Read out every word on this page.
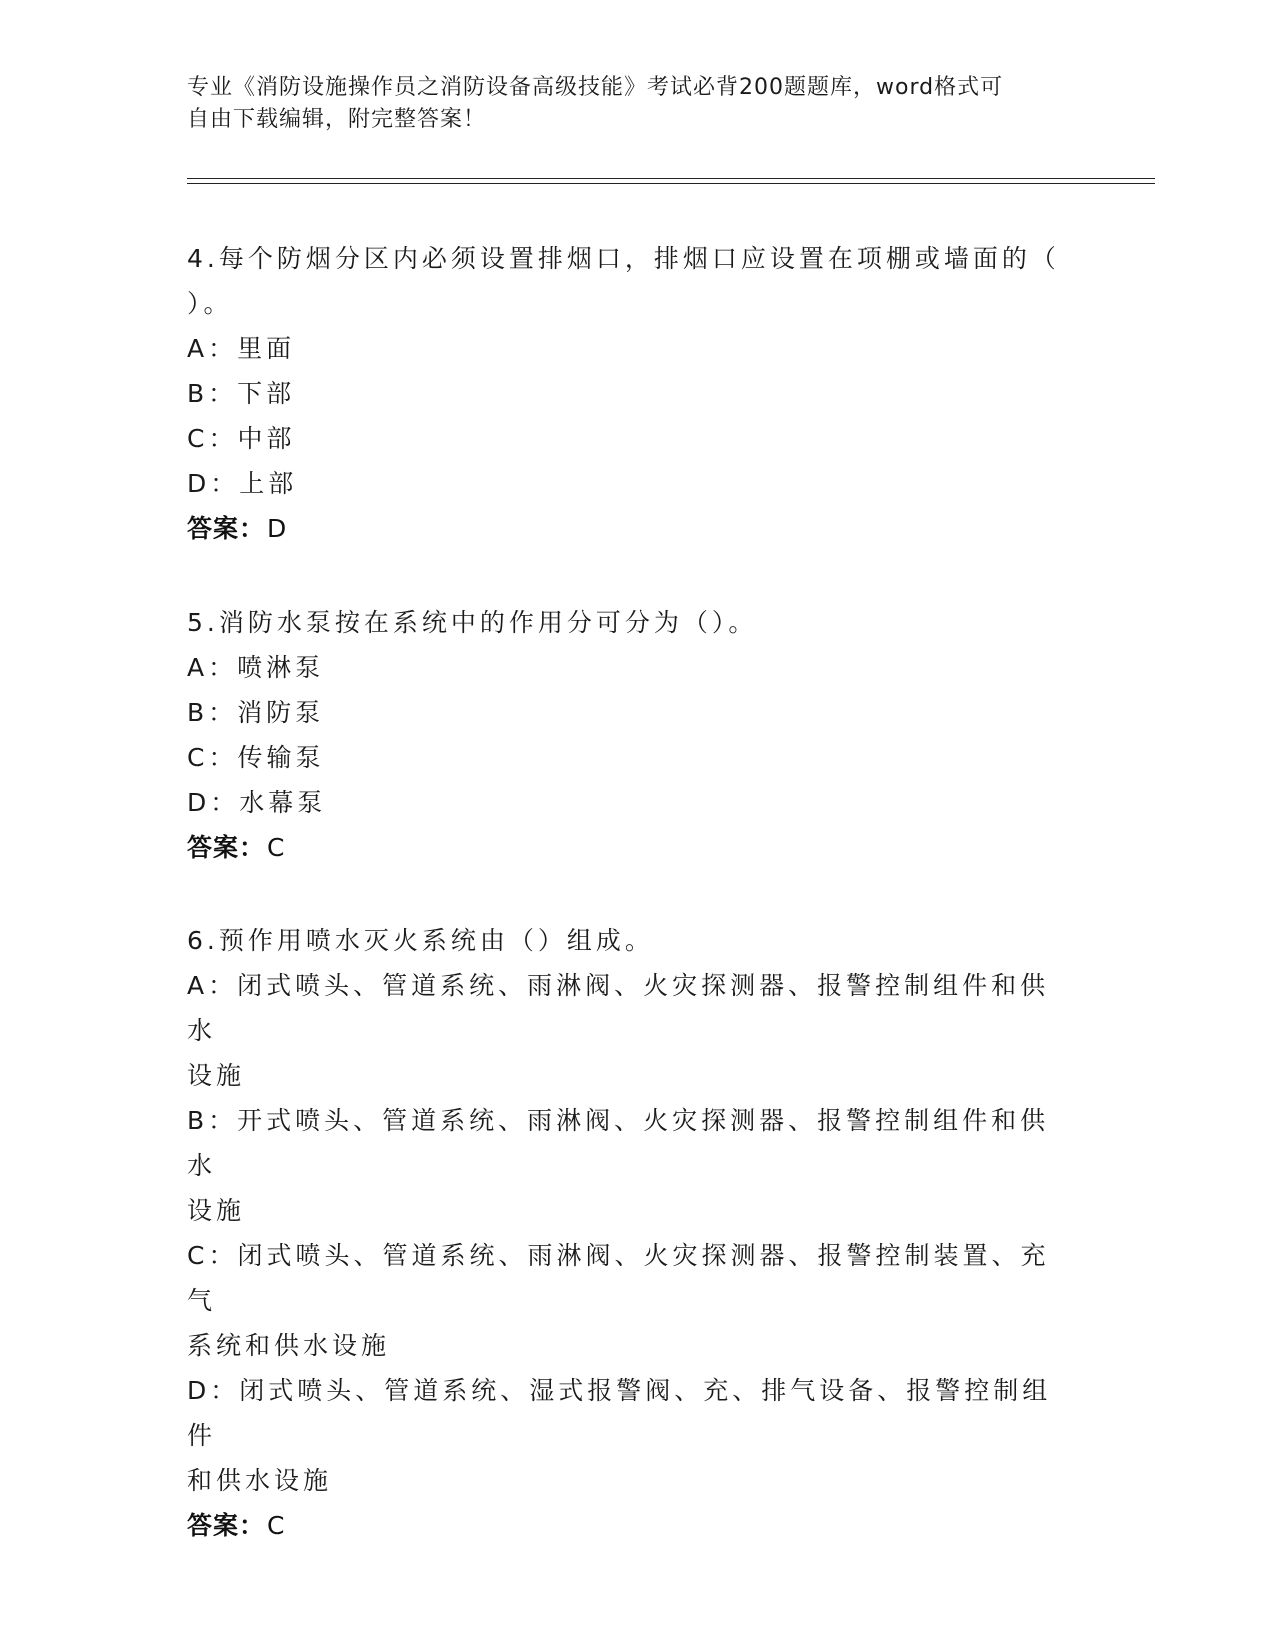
专业《消防设施操作员之消防设备高级技能》考试必背200题题库，word格式可
自由下载编辑，附完整答案！

4.每个防烟分区内必须设置排烟口，排烟口应设置在项棚或墙面的（
）。

A：里面

B：下部

C：中部

D：上部

答案：D

5.消防水泵按在系统中的作用分可分为（）。

A：喷淋泵

B：消防泵

C：传输泵

D：水幕泵

答案：C

6.预作用喷水灭火系统由（）组成。

A：闭式喷头、管道系统、雨淋阀、火灾探测器、报警控制组件和供水
设施

B：开式喷头、管道系统、雨淋阀、火灾探测器、报警控制组件和供水
设施

C：闭式喷头、管道系统、雨淋阀、火灾探测器、报警控制装置、充气
系统和供水设施

D：闭式喷头、管道系统、湿式报警阀、充、排气设备、报警控制组件
和供水设施

答案：C
